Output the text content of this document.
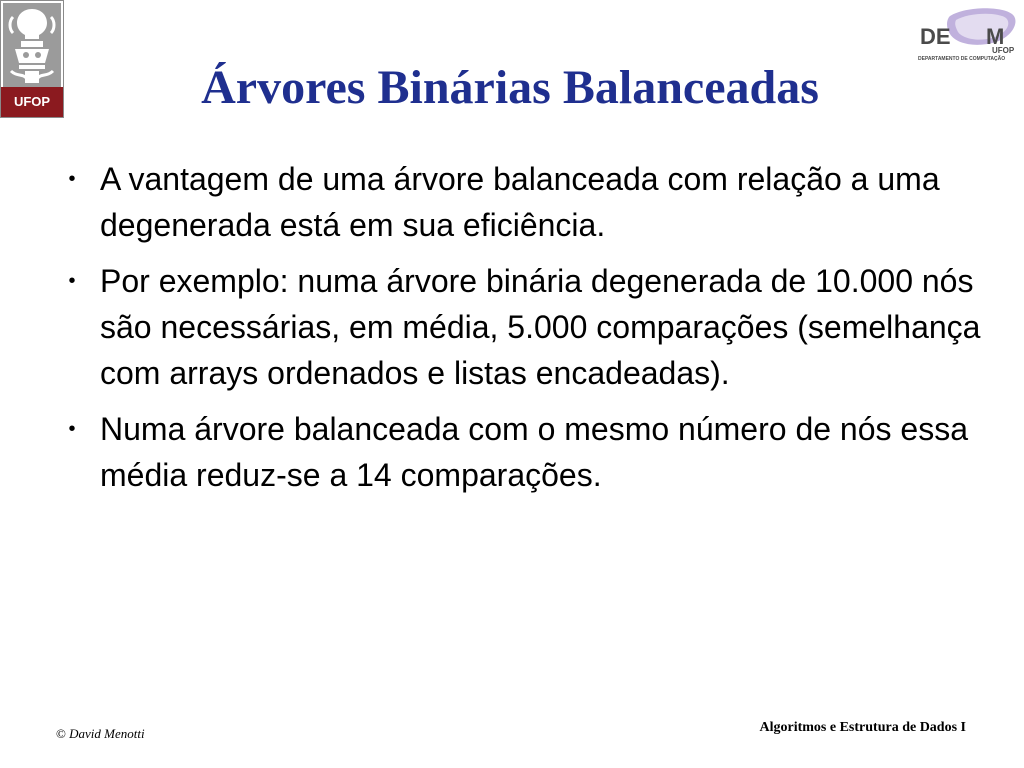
UFOP
DE M
UFOP
DEPARTAMENTO DE COMPUTAÇÃO
Árvores Binárias Balanceadas
• A vantagem de uma árvore balanceada com relação a uma degenerada está em sua eficiência.
• Por exemplo: numa árvore binária degenerada de 10.000 nós são necessárias, em média, 5.000 comparações (semelhança com arrays ordenados e listas encadeadas).
• Numa árvore balanceada com o mesmo número de nós essa média reduz-se a 14 comparações.
© David Menotti	Algoritmos e Estrutura de Dados I
